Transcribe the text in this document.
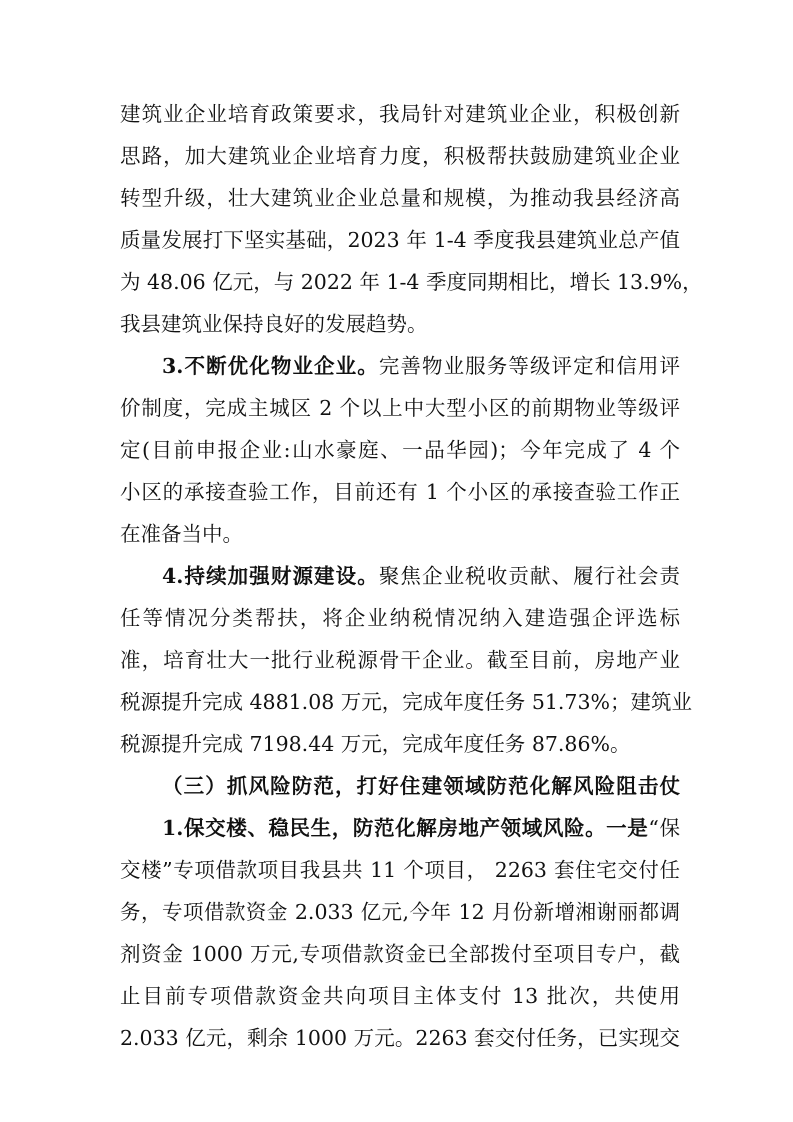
建筑业企业培育政策要求，我局针对建筑业企业，积极创新
思路，加大建筑业企业培育力度，积极帮扶鼓励建筑业企业
转型升级，壮大建筑业企业总量和规模，为推动我县经济高
质量发展打下坚实基础，2023 年 1-4 季度我县建筑业总产值
为 48.06 亿元，与 2022 年 1-4 季度同期相比，增长 13.9%，
我县建筑业保持良好的发展趋势。
3.不断优化物业企业。完善物业服务等级评定和信用评
价制度，完成主城区 2 个以上中大型小区的前期物业等级评
定(目前申报企业:山水豪庭、一品华园)；今年完成了 4 个
小区的承接查验工作，目前还有 1 个小区的承接查验工作正
在准备当中。
4.持续加强财源建设。聚焦企业税收贡献、履行社会责
任等情况分类帮扶，将企业纳税情况纳入建造强企评选标
准，培育壮大一批行业税源骨干企业。截至目前，房地产业
税源提升完成 4881.08 万元，完成年度任务 51.73%；建筑业
税源提升完成 7198.44 万元，完成年度任务 87.86%。
（三）抓风险防范，打好住建领域防范化解风险阻击仗
1.保交楼、稳民生，防范化解房地产领域风险。一是“保
交楼”专项借款项目我县共 11 个项目， 2263 套住宅交付任
务，专项借款资金 2.033 亿元,今年 12 月份新增湘谢丽都调
剂资金 1000 万元,专项借款资金已全部拨付至项目专户，截
止目前专项借款资金共向项目主体支付 13 批次，共使用
2.033 亿元，剩余 1000 万元。2263 套交付任务，已实现交
